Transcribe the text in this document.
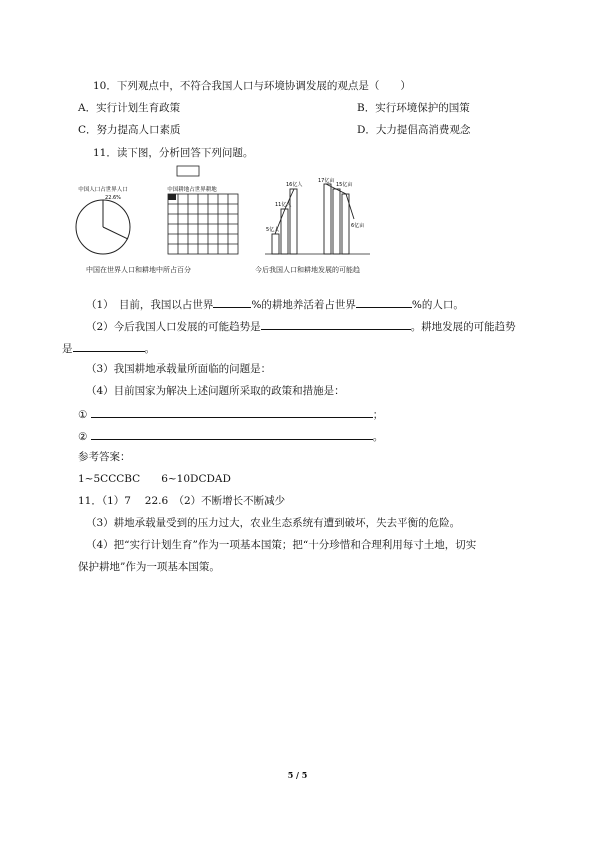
10．下列观点中，不符合我国人口与环境协调发展的观点是（　　）
A．实行计划生育政策	B．实行环境保护的国策
C．努力提高人口素质	D．大力提倡高消费观念
11．读下图，分析回答下列问题。
中国人口占世界人口
22.6%
中国耕地占世界耕地
5亿人
11亿人
16亿人
17亿亩
15亿亩
6亿亩
中国在世界人口和耕地中所占百分	今后我国人口和耕地发展的可能趋
（1）　目前，我国以占世界	%的耕地养活着占世界	%的人口。
（2）今后我国人口发展的可能趋势是	。耕地发展的可能趋势
是	。
（3）我国耕地承载量所面临的问题是：
（4）目前国家为解决上述问题所采取的政策和措施是：
①	；
②	。
参考答案：
1~5CCCBC　　6~10DCDAD
11．（1）7　 22.6　（2）不断增长不断减少
（3）耕地承载量受到的压力过大，农业生态系统有遭到破坏，失去平衡的危险。
（4）把“实行计划生育”作为一项基本国策；把“十分珍惜和合理利用每寸土地，切实
保护耕地”作为一项基本国策。
5 / 5
